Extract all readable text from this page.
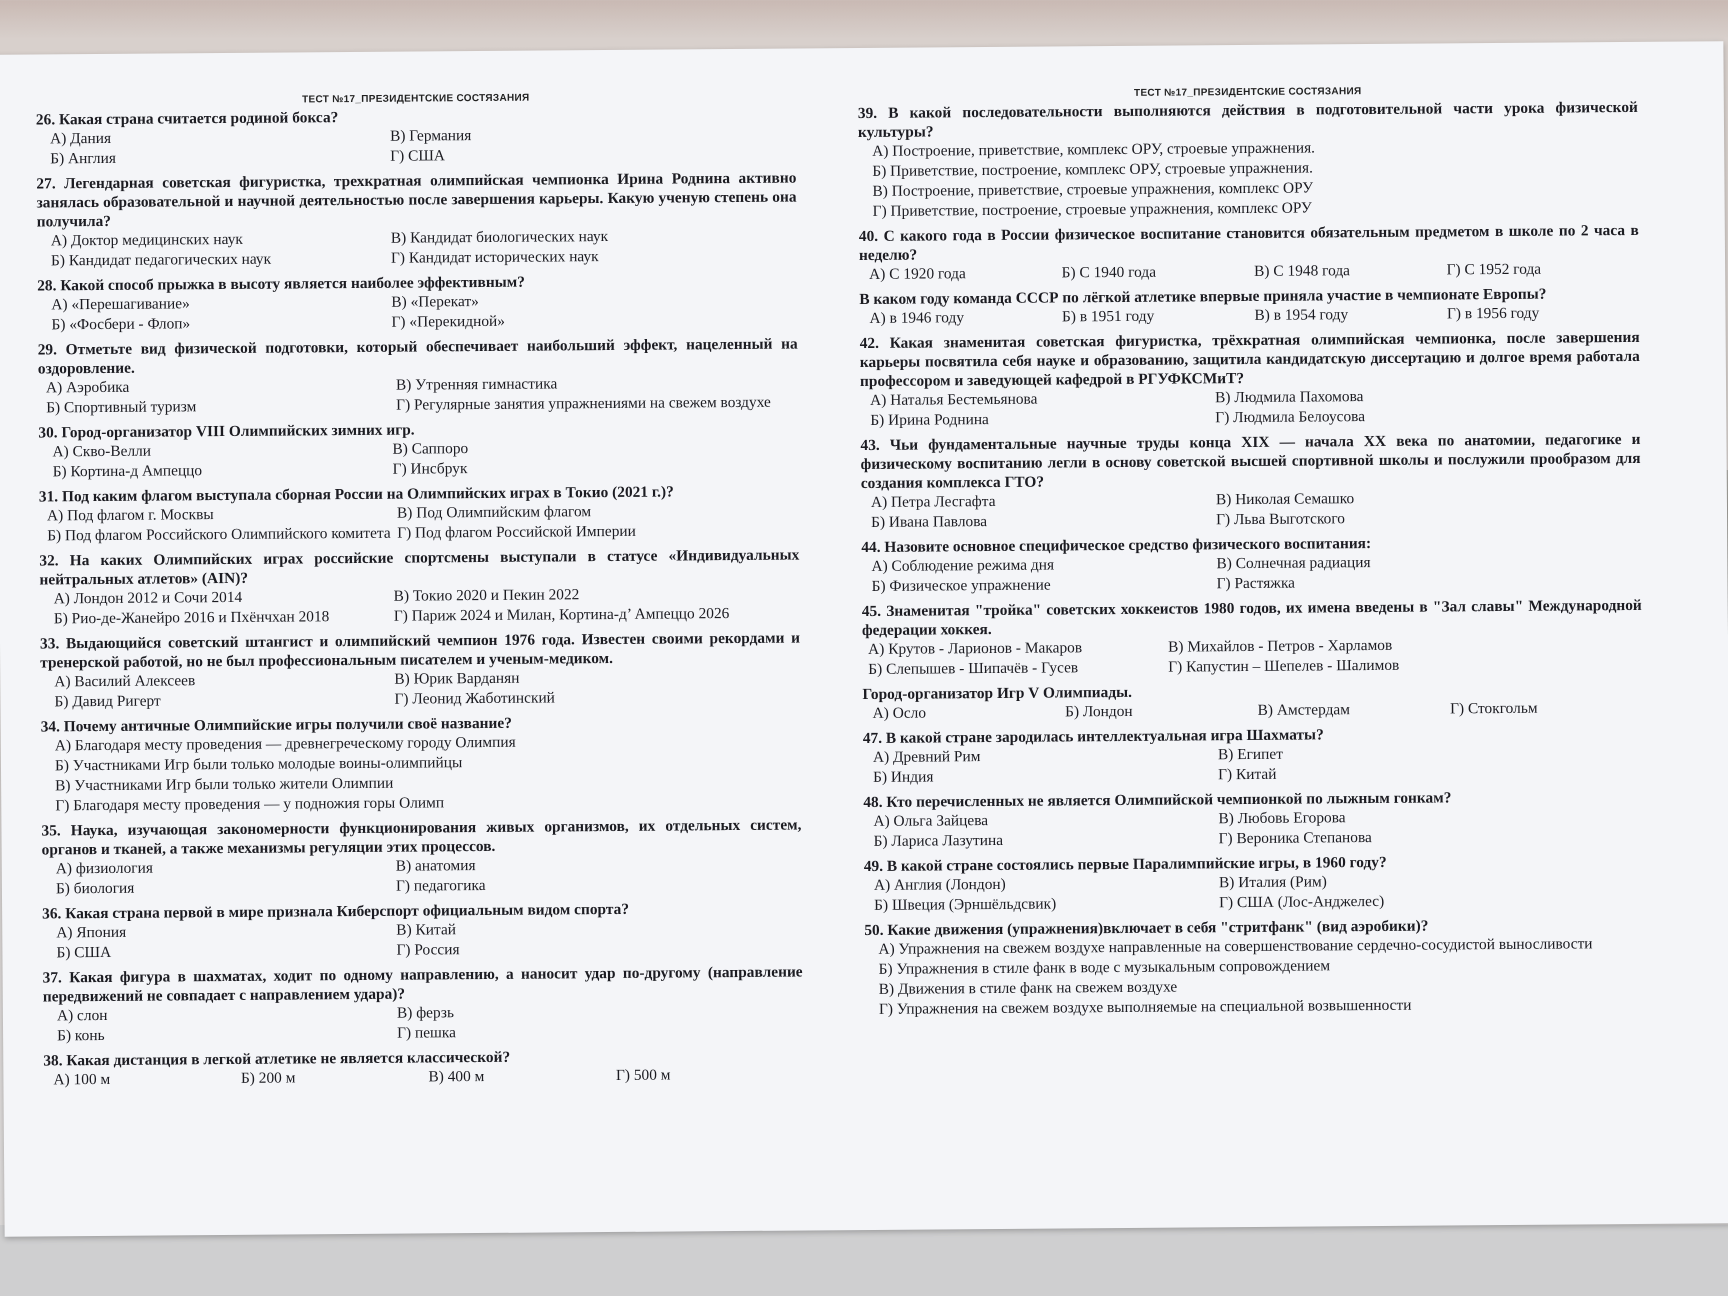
ТЕСТ №17_ПРЕЗИДЕНТСКИЕ СОСТЯЗАНИЯ
26. Какая страна считается родиной бокса?
А) Дания	В) Германия
Б) Англия	Г) США
27. Легендарная советская фигуристка, трехкратная олимпийская чемпионка Ирина Роднина активно занялась образовательной и научной деятельностью после завершения карьеры. Какую ученую степень она получила?
А) Доктор медицинских наук	В) Кандидат биологических наук
Б) Кандидат педагогических наук	Г) Кандидат исторических наук
28. Какой способ прыжка в высоту является наиболее эффективным?
А) «Перешагивание»	В) «Перекат»
Б) «Фосбери - Флоп»	Г) «Перекидной»
29. Отметьте вид физической подготовки, который обеспечивает наибольший эффект, нацеленный на оздоровление.
А) Аэробика	В) Утренняя гимнастика
Б) Спортивный туризм	Г) Регулярные занятия упражнениями на свежем воздухе
30. Город-организатор VIII Олимпийских зимних игр.
А) Скво-Велли	В) Саппоро
Б) Кортина-д Ампеццо	Г) Инсбрук
31. Под каким флагом выступала сборная России на Олимпийских играх в Токио (2021 г.)?
А) Под флагом г. Москвы	В) Под Олимпийским флагом
Б) Под флагом Российского Олимпийского комитета Г) Под флагом Российской Империи
32. На каких Олимпийских играх российские спортсмены выступали в статусе «Индивидуальных нейтральных атлетов» (AIN)?
А) Лондон 2012 и Сочи 2014	В) Токио 2020 и Пекин 2022
Б) Рио-де-Жанейро 2016 и Пхёнчхан 2018	Г) Париж 2024 и Милан, Кортина-д’ Ампеццо 2026
33. Выдающийся советский штангист и олимпийский чемпион 1976 года. Известен своими рекордами и тренерской работой, но не был профессиональным писателем и ученым-медиком.
А) Василий Алексеев	В) Юрик Варданян
Б) Давид Ригерт	Г) Леонид Жаботинский
34. Почему античные Олимпийские игры получили своё название?
А) Благодаря месту проведения — древнегреческому городу Олимпия
Б) Участниками Игр были только молодые воины-олимпийцы
В) Участниками Игр были только жители Олимпии
Г) Благодаря месту проведения — у подножия горы Олимп
35. Наука, изучающая закономерности функционирования живых организмов, их отдельных систем, органов и тканей, а также механизмы регуляции этих процессов.
А) физиология	В) анатомия
Б) биология	Г) педагогика
36. Какая страна первой в мире признала Киберспорт официальным видом спорта?
А) Япония	В) Китай
Б) США	Г) Россия
37. Какая фигура в шахматах, ходит по одному направлению, а наносит удар по-другому (направление передвижений не совпадает с направлением удара)?
А) слон	В) ферзь
Б) конь	Г) пешка
38. Какая дистанция в легкой атлетике не является классической?
А) 100 м	Б) 200 м	В) 400 м	Г) 500 м
ТЕСТ №17_ПРЕЗИДЕНТСКИЕ СОСТЯЗАНИЯ
39. В какой последовательности выполняются действия в подготовительной части урока физической культуры?
А) Построение, приветствие, комплекс ОРУ, строевые упражнения.
Б) Приветствие, построение, комплекс ОРУ, строевые упражнения.
В) Построение, приветствие, строевые упражнения, комплекс ОРУ
Г) Приветствие, построение, строевые упражнения, комплекс ОРУ
40. С какого года в России физическое воспитание становится обязательным предметом в школе по 2 часа в неделю?
А) С 1920 года	Б) С 1940 года	В) С 1948 года	Г) С 1952 года
В каком году команда СССР по лёгкой атлетике впервые приняла участие в чемпионате Европы?
А) в 1946 году	Б) в 1951 году	В) в 1954 году	Г) в 1956 году
42. Какая знаменитая советская фигуристка, трёхкратная олимпийская чемпионка, после завершения карьеры посвятила себя науке и образованию, защитила кандидатскую диссертацию и долгое время работала профессором и заведующей кафедрой в РГУФКСМиТ?
А) Наталья Бестемьянова	В) Людмила Пахомова
Б) Ирина Роднина	Г) Людмила Белоусова
43. Чьи фундаментальные научные труды конца XIX — начала XX века по анатомии, педагогике и физическому воспитанию легли в основу советской высшей спортивной школы и послужили прообразом для создания комплекса ГТО?
А) Петра Лесгафта	В) Николая Семашко
Б) Ивана Павлова	Г) Льва Выготского
44. Назовите основное специфическое средство физического воспитания:
А) Соблюдение режима дня	В) Солнечная радиация
Б) Физическое упражнение	Г) Растяжка
45. Знаменитая "тройка" советских хоккеистов 1980 годов, их имена введены в "Зал славы" Международной федерации хоккея.
А) Крутов - Ларионов - Макаров	В) Михайлов - Петров - Харламов
Б) Слепышев - Шипачёв - Гусев	Г) Капустин – Шепелев - Шалимов
Город-организатор Игр V Олимпиады.
А) Осло	Б) Лондон	В) Амстердам	Г) Стокгольм
47. В какой стране зародилась интеллектуальная игра Шахматы?
А) Древний Рим	В) Египет
Б) Индия	Г) Китай
48. Кто перечисленных не является Олимпийской чемпионкой по лыжным гонкам?
А) Ольга Зайцева	В) Любовь Егорова
Б) Лариса Лазутина	Г) Вероника Степанова
49. В какой стране состоялись первые Паралимпийские игры, в 1960 году?
А) Англия (Лондон)	В) Италия (Рим)
Б) Швеция (Эрншёльдсвик)	Г) США (Лос-Анджелес)
50. Какие движения (упражнения)включает в себя "стритфанк" (вид аэробики)?
А) Упражнения на свежем воздухе направленные на совершенствование сердечно-сосудистой выносливости
Б) Упражнения в стиле фанк в воде с музыкальным сопровождением
В) Движения в стиле фанк на свежем воздухе
Г) Упражнения на свежем воздухе выполняемые на специальной возвышенности
